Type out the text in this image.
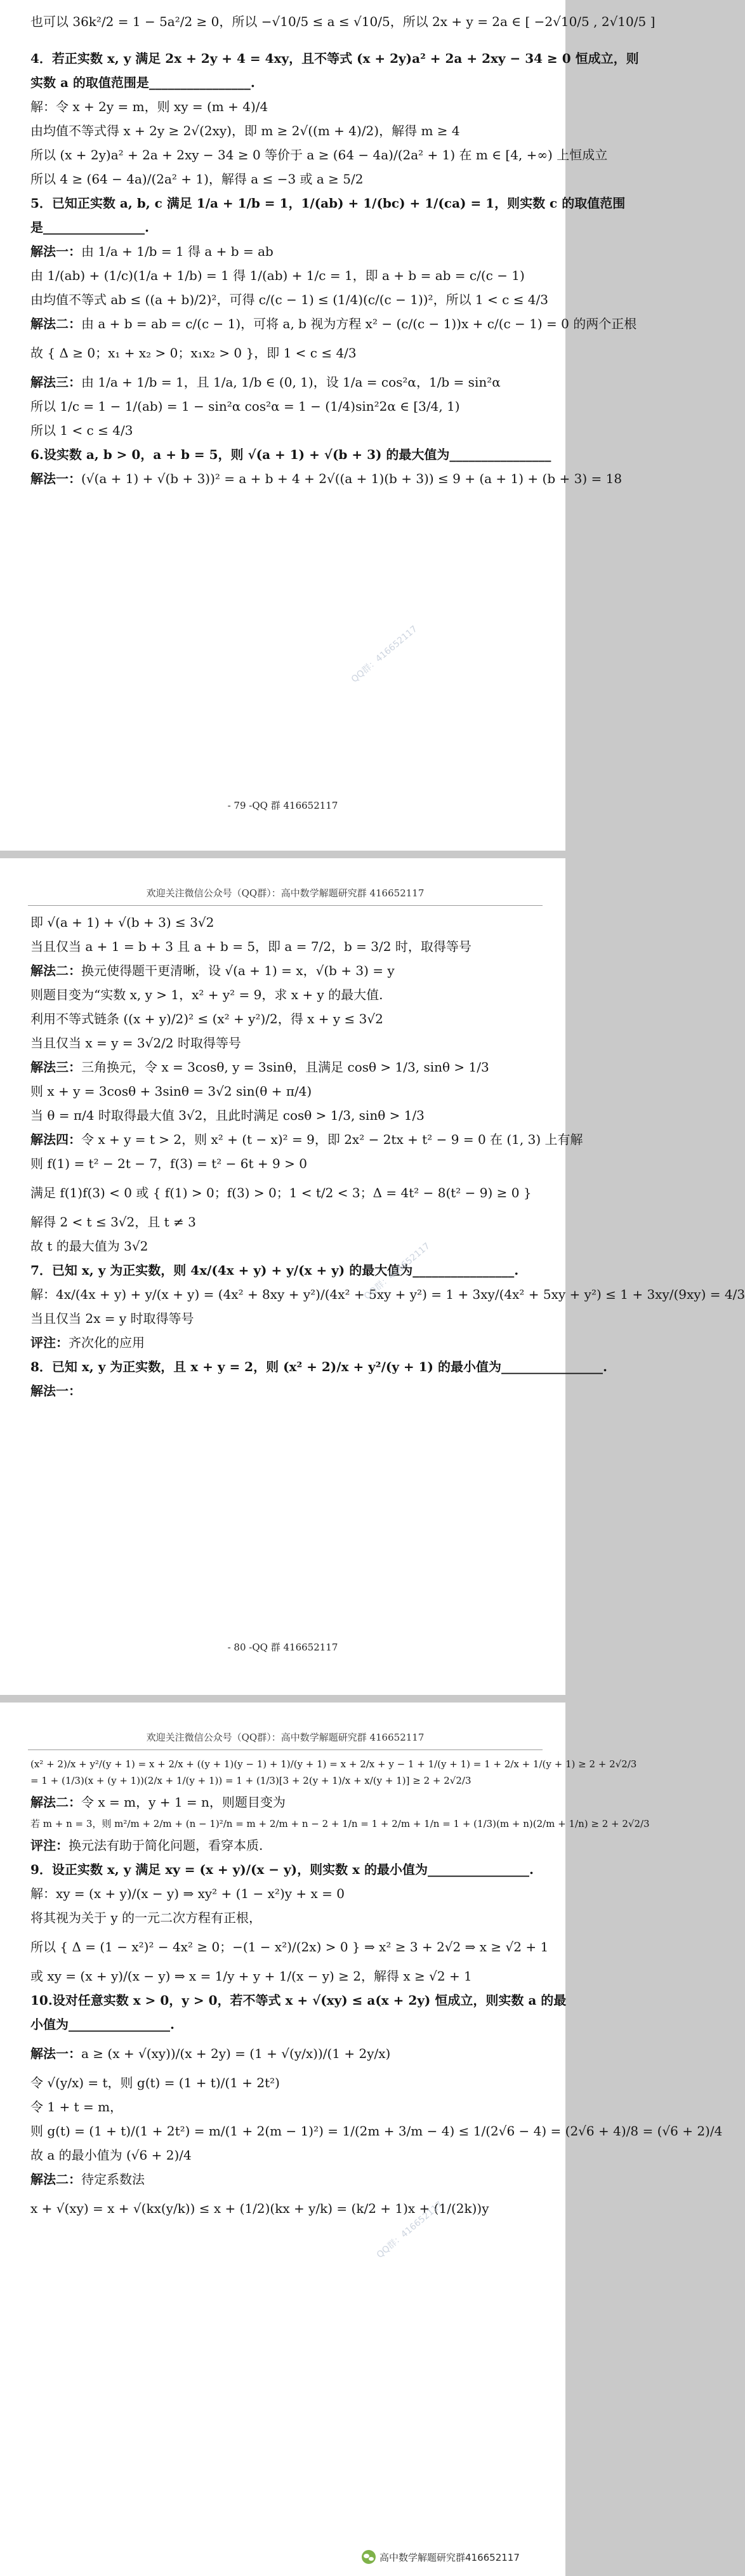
也可以 36k²/2 = 1 − 5a²/2 ≥ 0，所以 −√10/5 ≤ a ≤ √10/5，所以 2x + y = 2a ∈ [ −2√10/5 , 2√10/5 ]
4．若正实数 x, y 满足 2x + 2y + 4 = 4xy，且不等式 (x + 2y)a² + 2a + 2xy − 34 ≥ 0 恒成立，则
实数 a 的取值范围是________________.
解：令 x + 2y = m，则 xy = (m + 4)/4
由均值不等式得 x + 2y ≥ 2√(2xy)，即 m ≥ 2√((m + 4)/2)，解得 m ≥ 4
所以 (x + 2y)a² + 2a + 2xy − 34 ≥ 0 等价于 a ≥ (64 − 4a)/(2a² + 1) 在 m ∈ [4, +∞) 上恒成立
所以 4 ≥ (64 − 4a)/(2a² + 1)，解得 a ≤ −3 或 a ≥ 5/2
5．已知正实数 a, b, c 满足 1/a + 1/b = 1，1/(ab) + 1/(bc) + 1/(ca) = 1，则实数 c 的取值范围
是________________.
解法一：由 1/a + 1/b = 1 得 a + b = ab
由 1/(ab) + (1/c)(1/a + 1/b) = 1 得 1/(ab) + 1/c = 1，即 a + b = ab = c/(c − 1)
由均值不等式 ab ≤ ((a + b)/2)²，可得 c/(c − 1) ≤ (1/4)(c/(c − 1))²，所以 1 < c ≤ 4/3
解法二：由 a + b = ab = c/(c − 1)，可将 a, b 视为方程 x² − (c/(c − 1))x + c/(c − 1) = 0 的两个正根
故 { Δ ≥ 0；x₁ + x₂ > 0；x₁x₂ > 0 }，即 1 < c ≤ 4/3
解法三：由 1/a + 1/b = 1，且 1/a, 1/b ∈ (0, 1)，设 1/a = cos²α，1/b = sin²α
所以 1/c = 1 − 1/(ab) = 1 − sin²α cos²α = 1 − (1/4)sin²2α ∈ [3/4, 1)
所以 1 < c ≤ 4/3
6.设实数 a, b > 0，a + b = 5，则 √(a + 1) + √(b + 3) 的最大值为________________
解法一：(√(a + 1) + √(b + 3))² = a + b + 4 + 2√((a + 1)(b + 3)) ≤ 9 + (a + 1) + (b + 3) = 18
- 79 -QQ 群 416652117
QQ群：416652117
欢迎关注微信公众号（QQ群）：高中数学解题研究群 416652117
即 √(a + 1) + √(b + 3) ≤ 3√2
当且仅当 a + 1 = b + 3 且 a + b = 5，即 a = 7/2，b = 3/2 时，取得等号
解法二：换元使得题干更清晰，设 √(a + 1) = x，√(b + 3) = y
则题目变为“实数 x, y > 1，x² + y² = 9，求 x + y 的最大值.
利用不等式链条 ((x + y)/2)² ≤ (x² + y²)/2，得 x + y ≤ 3√2
当且仅当 x = y = 3√2/2 时取得等号
解法三：三角换元，令 x = 3cosθ, y = 3sinθ，且满足 cosθ > 1/3, sinθ > 1/3
则 x + y = 3cosθ + 3sinθ = 3√2 sin(θ + π/4)
当 θ = π/4 时取得最大值 3√2，且此时满足 cosθ > 1/3, sinθ > 1/3
解法四：令 x + y = t > 2，则 x² + (t − x)² = 9，即 2x² − 2tx + t² − 9 = 0 在 (1, 3) 上有解
则 f(1) = t² − 2t − 7，f(3) = t² − 6t + 9 > 0
满足 f(1)f(3) < 0 或 { f(1) > 0；f(3) > 0；1 < t/2 < 3；Δ = 4t² − 8(t² − 9) ≥ 0 }
解得 2 < t ≤ 3√2，且 t ≠ 3
故 t 的最大值为 3√2
7．已知 x, y 为正实数，则 4x/(4x + y) + y/(x + y) 的最大值为________________.
解：4x/(4x + y) + y/(x + y) = (4x² + 8xy + y²)/(4x² + 5xy + y²) = 1 + 3xy/(4x² + 5xy + y²) ≤ 1 + 3xy/(9xy) = 4/3
当且仅当 2x = y 时取得等号
评注：齐次化的应用
8．已知 x, y 为正实数，且 x + y = 2，则 (x² + 2)/x + y²/(y + 1) 的最小值为________________.
解法一：
- 80 -QQ 群 416652117
QQ群：416652117
欢迎关注微信公众号（QQ群）：高中数学解题研究群 416652117
(x² + 2)/x + y²/(y + 1) = x + 2/x + ((y + 1)(y − 1) + 1)/(y + 1) = x + 2/x + y − 1 + 1/(y + 1) = 1 + 2/x + 1/(y + 1) ≥ 2 + 2√2/3
= 1 + (1/3)(x + (y + 1))(2/x + 1/(y + 1)) = 1 + (1/3)[3 + 2(y + 1)/x + x/(y + 1)] ≥ 2 + 2√2/3
解法二：令 x = m，y + 1 = n，则题目变为
若 m + n = 3，则 m²/m + 2/m + (n − 1)²/n = m + 2/m + n − 2 + 1/n = 1 + 2/m + 1/n = 1 + (1/3)(m + n)(2/m + 1/n) ≥ 2 + 2√2/3
评注：换元法有助于简化问题，看穿本质.
9．设正实数 x, y 满足 xy = (x + y)/(x − y)，则实数 x 的最小值为________________.
解：xy = (x + y)/(x − y) ⇒ xy² + (1 − x²)y + x = 0
将其视为关于 y 的一元二次方程有正根，
所以 { Δ = (1 − x²)² − 4x² ≥ 0；−(1 − x²)/(2x) > 0 } ⇒ x² ≥ 3 + 2√2 ⇒ x ≥ √2 + 1
或 xy = (x + y)/(x − y) ⇒ x = 1/y + y + 1/(x − y) ≥ 2，解得 x ≥ √2 + 1
10.设对任意实数 x > 0，y > 0，若不等式 x + √(xy) ≤ a(x + 2y) 恒成立，则实数 a 的最
小值为________________.
解法一：a ≥ (x + √(xy))/(x + 2y) = (1 + √(y/x))/(1 + 2y/x)
令 √(y/x) = t，则 g(t) = (1 + t)/(1 + 2t²)
令 1 + t = m，
则 g(t) = (1 + t)/(1 + 2t²) = m/(1 + 2(m − 1)²) = 1/(2m + 3/m − 4) ≤ 1/(2√6 − 4) = (2√6 + 4)/8 = (√6 + 2)/4
故 a 的最小值为 (√6 + 2)/4
解法二：待定系数法
x + √(xy) = x + √(kx(y/k)) ≤ x + (1/2)(kx + y/k) = (k/2 + 1)x + (1/(2k))y
QQ群：416652117
高中数学解题研究群416652117
